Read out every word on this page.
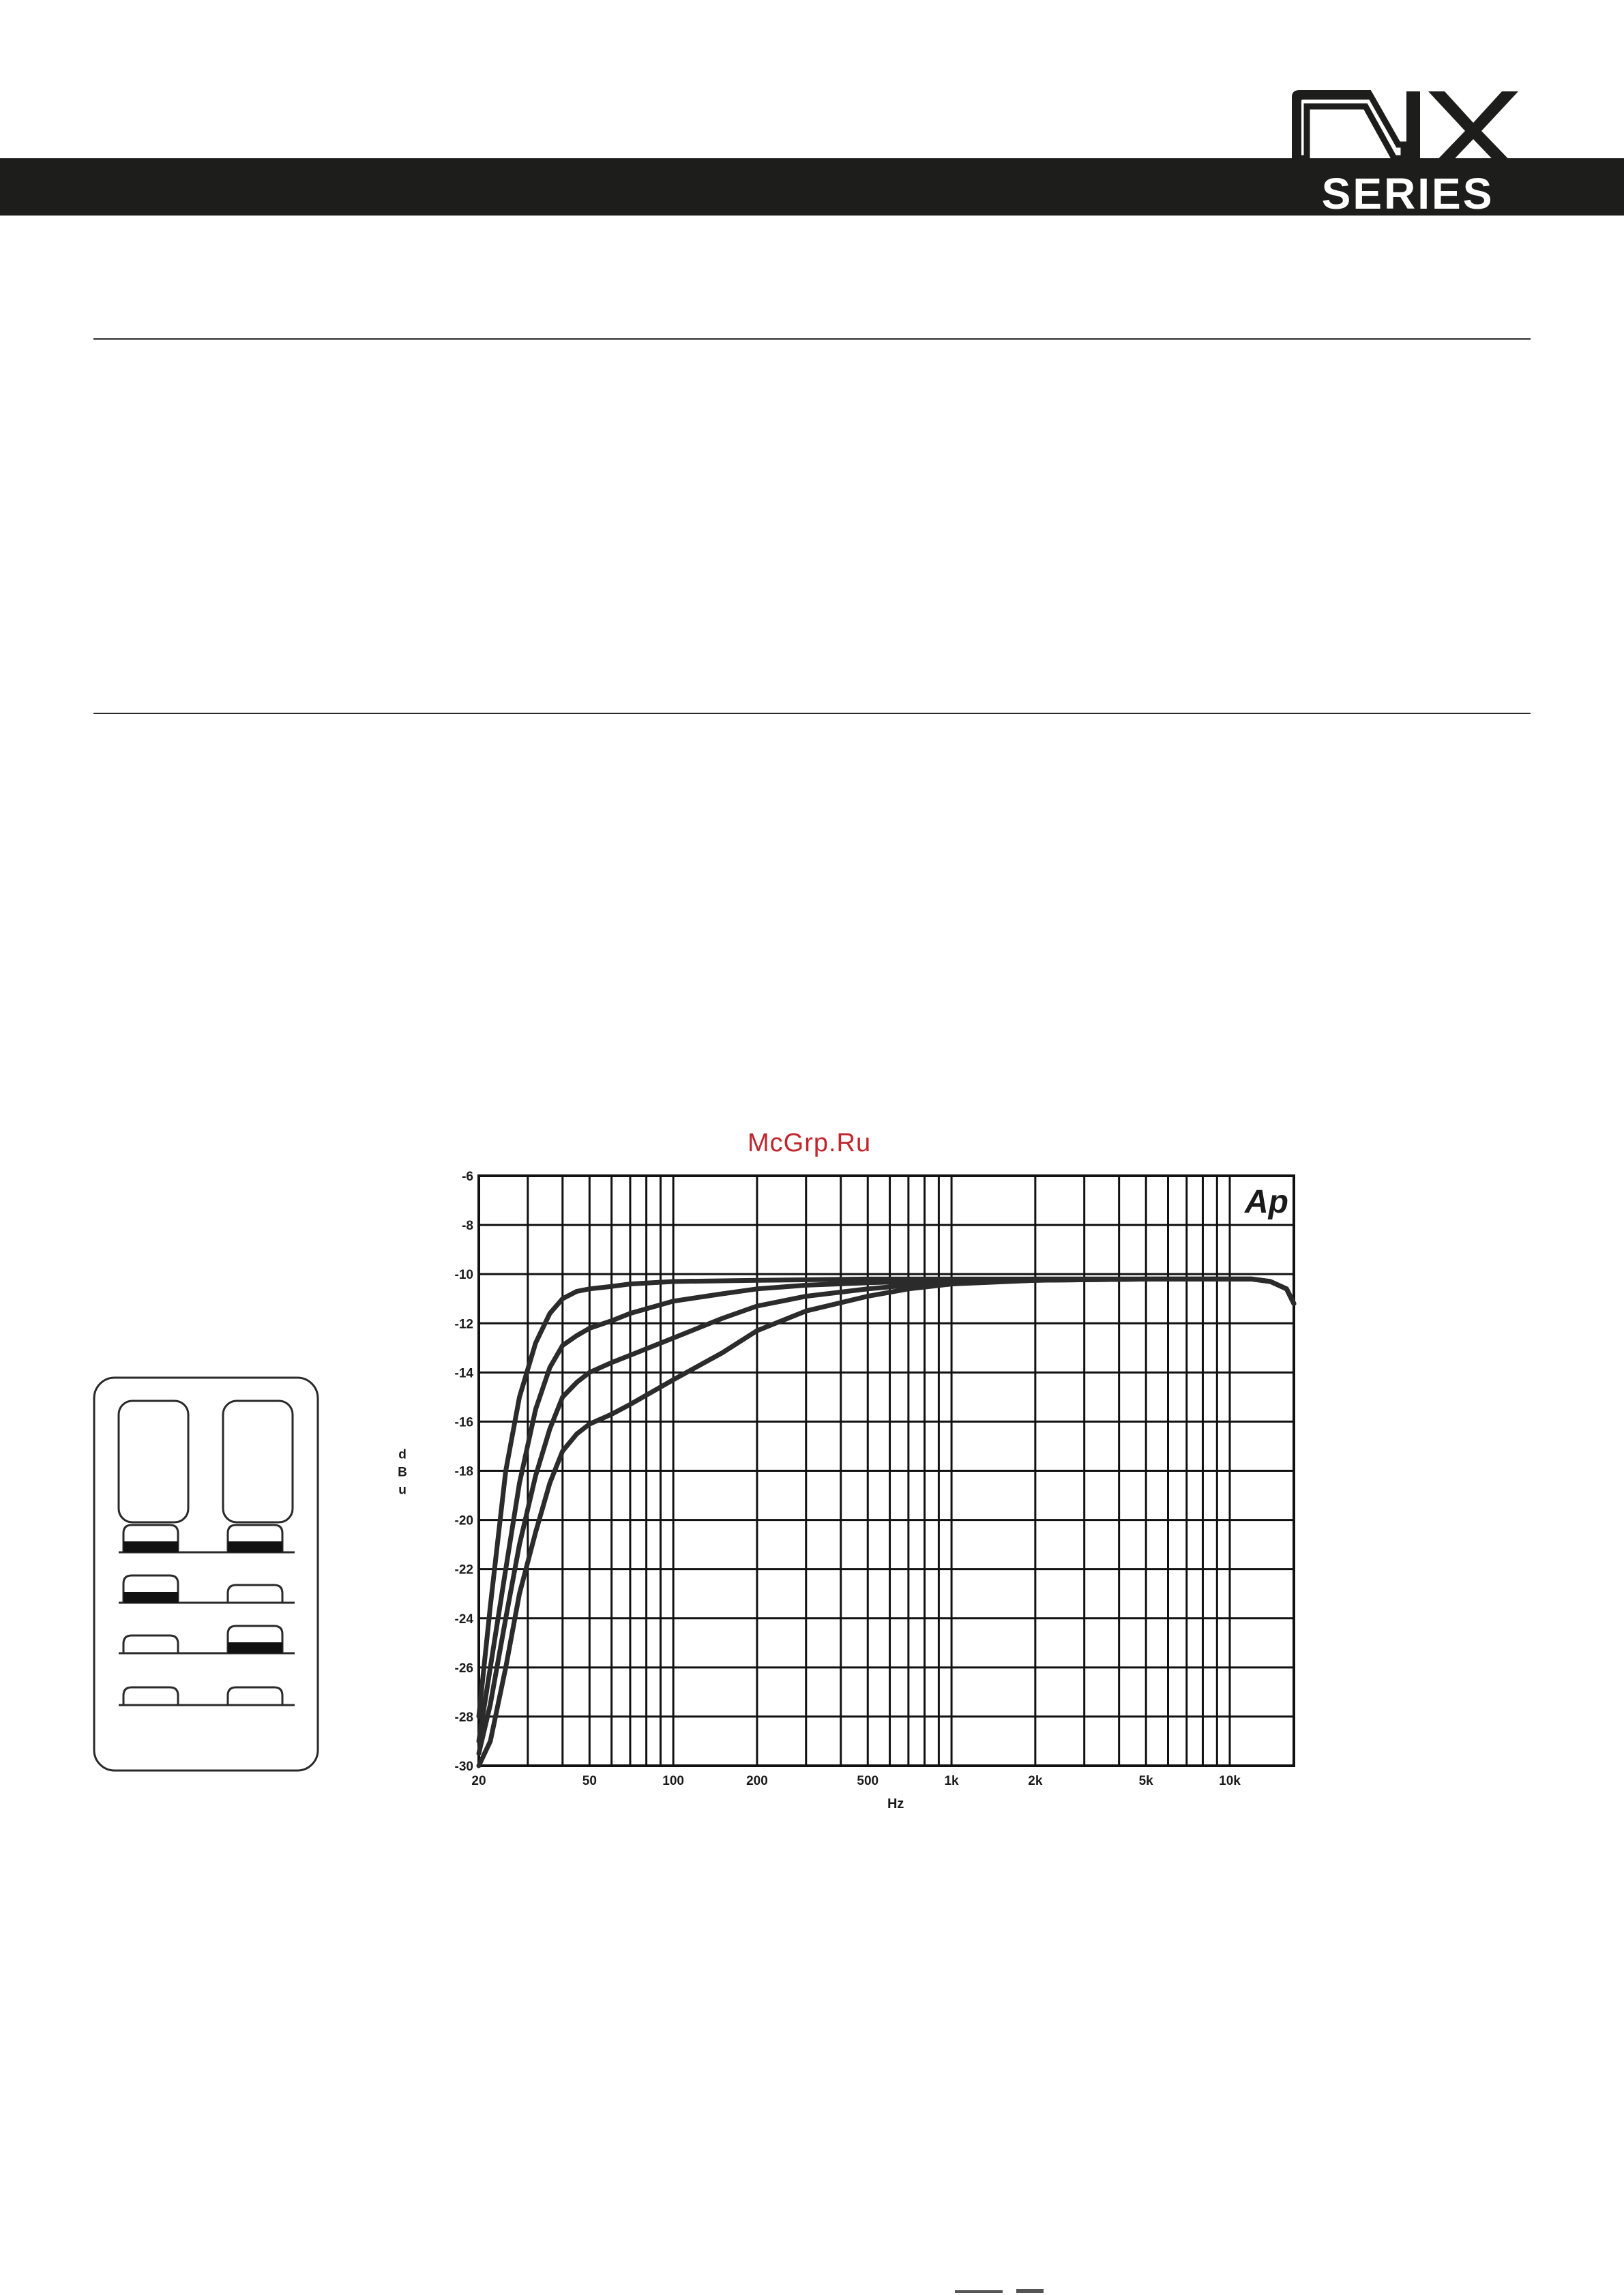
SERIES
McGrp.Ru
20	50	100	200	500	1k	2k	5k	10k
-6
-8
-10
-12
-14
-16
-18
-20
-22
-24
-26
-28
-30
Ap
Hz
d
B
u
